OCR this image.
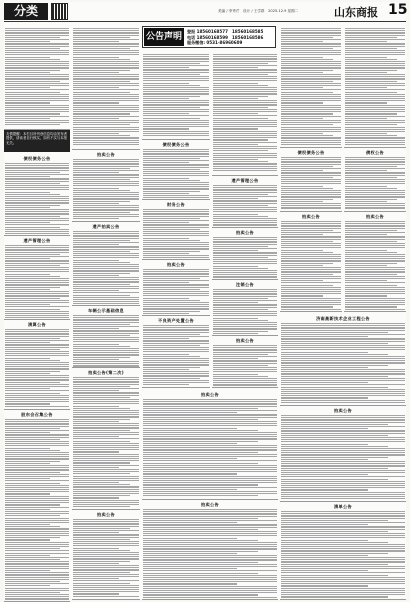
分类	美编 / 李秀芹　设计 / 王学群　2025.12.9 星期二	山东商报 15
友情提醒：本栏目所刊登信息均由发布者提供，请读者自行核实，如有不实与本报无关。
债权债务公告
遗产管理公告
清算公告
股东会召集公告
拍卖公告
遗产拍卖公告
车辆公示基础信息
拍卖公告(第二次)
拍卖公告
公告声明
登报 18560168577　18560168585
电话 18560168599　18560168586
服务微信: 0531-86960609
债权债务公告
财务公告
拍卖公告
不良资产处置公告
遗产管理公告
拍卖公告
注销公告
拍卖公告
拍卖公告
拍卖公告
债权债务公告
拍卖公告
债权公告
拍卖公告
济南高新技术企业工程公告
拍卖公告
清单公告
